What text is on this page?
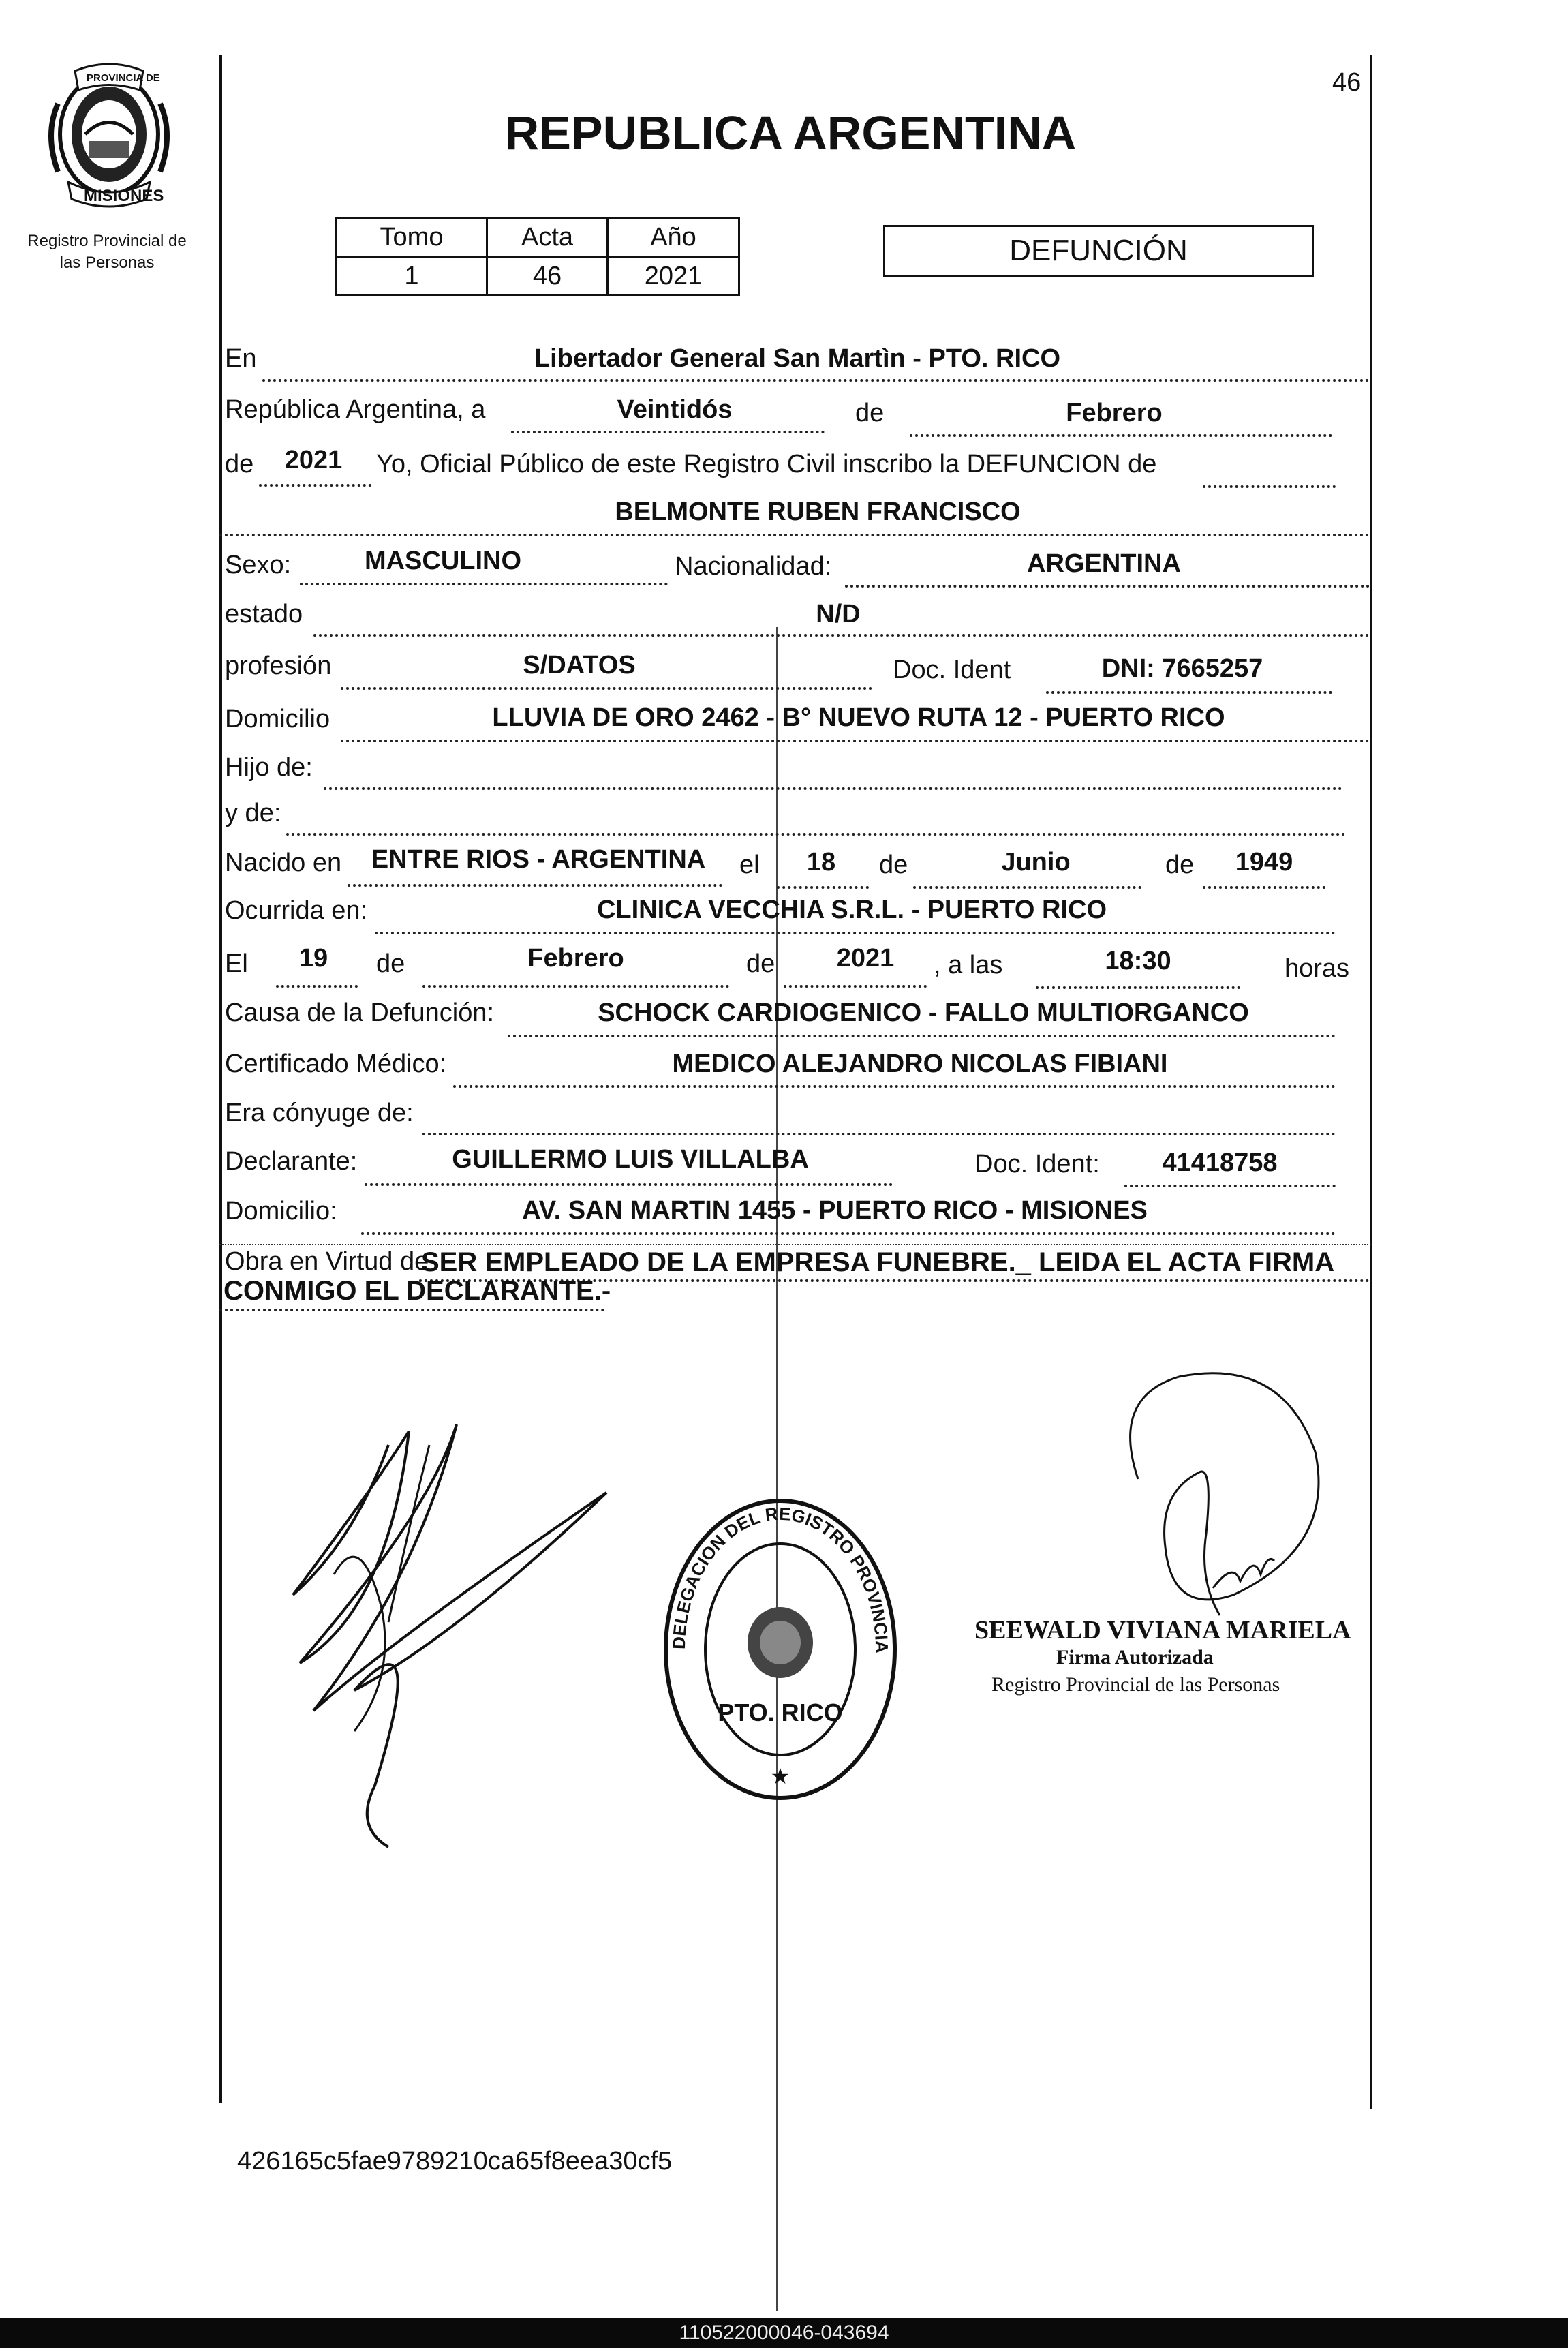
PROVINCIA DE
MISIONES
Registro Provincial de
las Personas
46
REPUBLICA ARGENTINA
Tomo	Acta	Año
1	46	2021
DEFUNCIÓN
En	Libertador General San Martìn - PTO. RICO
República Argentina, a	Veintidós	de	Febrero
de	2021	Yo, Oficial Público de este Registro Civil inscribo la DEFUNCION de
BELMONTE RUBEN FRANCISCO
Sexo:	MASCULINO	Nacionalidad:	ARGENTINA
estado	N/D
profesión	S/DATOS	Doc. Ident	DNI: 7665257
Domicilio	LLUVIA DE ORO 2462 - B° NUEVO RUTA 12 - PUERTO RICO
Hijo de:
y de:
Nacido en	ENTRE RIOS - ARGENTINA	el	18	de	Junio	de	1949
Ocurrida en:	CLINICA VECCHIA S.R.L. - PUERTO RICO
El	19	de	Febrero	de	2021	, a las	18:30	horas
Causa de la Defunción:	SCHOCK CARDIOGENICO - FALLO MULTIORGANCO
Certificado Médico:	MEDICO ALEJANDRO NICOLAS FIBIANI
Era cónyuge de:
Declarante:	GUILLERMO LUIS VILLALBA	Doc. Ident:	41418758
Domicilio:	AV. SAN MARTIN 1455 - PUERTO RICO - MISIONES
Obra en Virtud de
SER EMPLEADO DE LA EMPRESA FUNEBRE._ LEIDA EL ACTA FIRMA
CONMIGO EL DECLARANTE.-
DELEGACION DEL REGISTRO PROVINCIA
PTO. RICO
★
SEEWALD VIVIANA MARIELA
Firma Autorizada
Registro Provincial de las Personas
426165c5fae9789210ca65f8eea30cf5
110522000046-043694
